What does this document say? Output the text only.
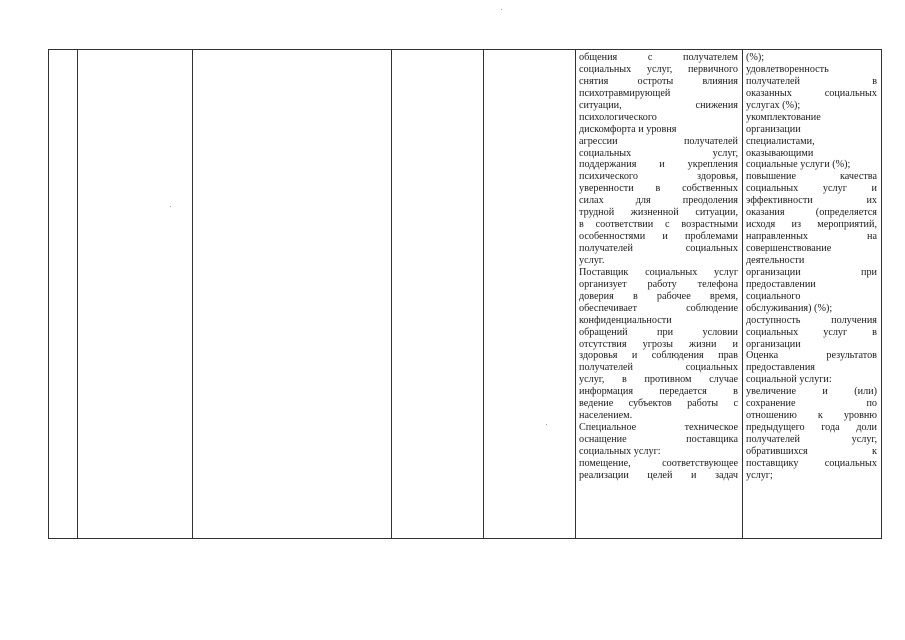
общения с получателем
социальных услуг, первичного
снятия остроты влияния
психотравмирующей
ситуации, снижения
психологического
дискомфорта и уровня
агрессии получателей
социальных услуг,
поддержания и укрепления
психического здоровья,
уверенности в собственных
силах для преодоления
трудной жизненной ситуации,
в соответствии с возрастными
особенностями и проблемами
получателей социальных
услуг.
Поставщик социальных услуг
организует работу телефона
доверия в рабочее время,
обеспечивает соблюдение
конфиденциальности
обращений при условии
отсутствия угрозы жизни и
здоровья и соблюдения прав
получателей социальных
услуг, в противном случае
информация передается в
ведение субъектов работы с
населением.
Специальное техническое
оснащение поставщика
социальных услуг:
помещение, соответствующее
реализации целей и задач
(%);
удовлетворенность
получателей в
оказанных социальных
услугах (%);
укомплектование
организации
специалистами,
оказывающими
социальные услуги (%);
повышение качества
социальных услуг и
эффективности их
оказания (определяется
исходя из мероприятий,
направленных на
совершенствование
деятельности
организации при
предоставлении
социального
обслуживания) (%);
доступность получения
социальных услуг в
организации
Оценка результатов
предоставления
социальной услуги:
увеличение и (или)
сохранение по
отношению к уровню
предыдущего года доли
получателей услуг,
обратившихся к
поставщику социальных
услуг;
